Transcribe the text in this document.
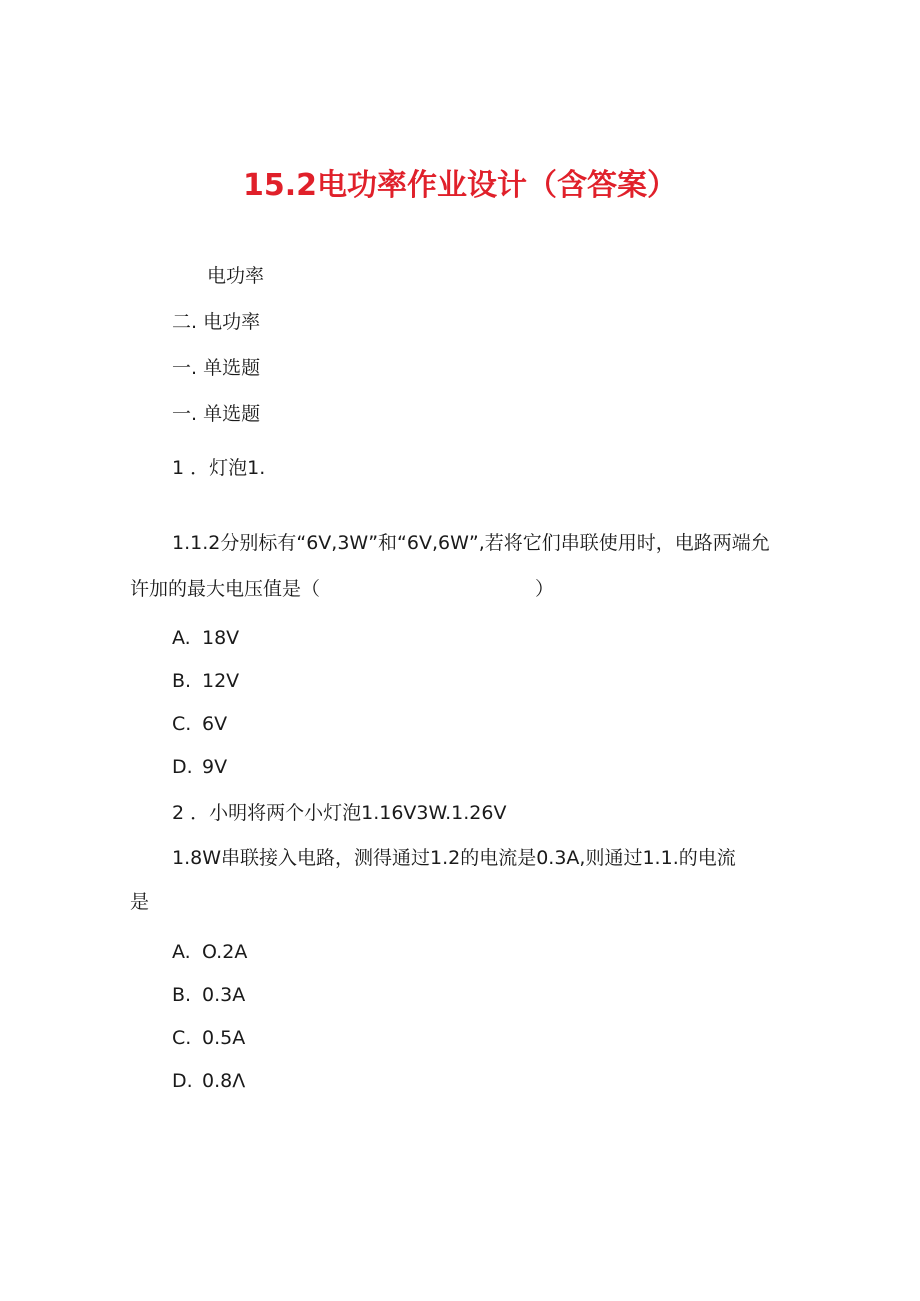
15.2电功率作业设计（含答案）
电功率
二. 电功率
一. 单选题
一. 单选题
1 ．灯泡1.
1.1.2分别标有“6V,3W”和“6V,6W”,若将它们串联使用时，电路两端允
许加的最大电压值是（	）
A. 18V
B. 12V
C. 6V
D. 9V
2 ．小明将两个小灯泡1.16V3W.1.26V
1.8W串联接入电路，测得通过1.2的电流是0.3A,则通过1.1.的电流
是
A. O.2A
B. 0.3A
C. 0.5A
D. 0.8Λ
